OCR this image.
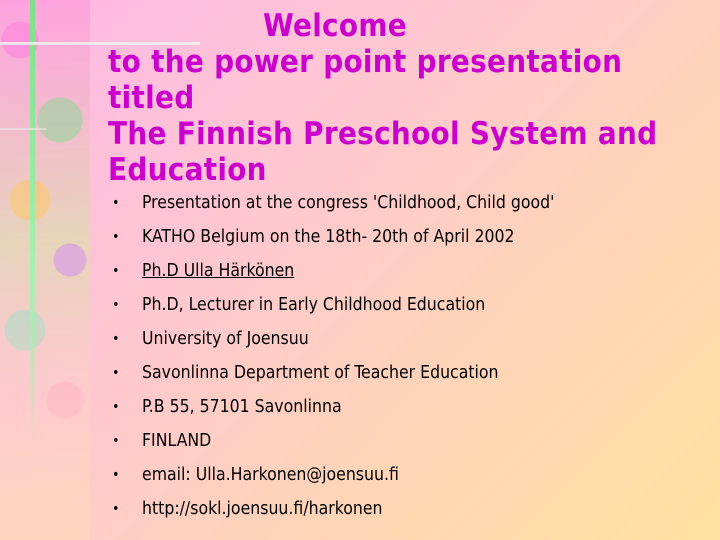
Welcome
to the power point presentation titled
The Finnish Preschool System and
Education
•	Presentation at the congress 'Childhood, Child good'
•	KATHO Belgium on the 18th- 20th of April 2002
•	Ph.D Ulla Härkönen
•	Ph.D, Lecturer in Early Childhood Education
•	University of Joensuu
•	Savonlinna Department of Teacher Education
•	P.B 55, 57101 Savonlinna
•	FINLAND
•	email: Ulla.Harkonen@joensuu.fi
•	http://sokl.joensuu.fi/harkonen
